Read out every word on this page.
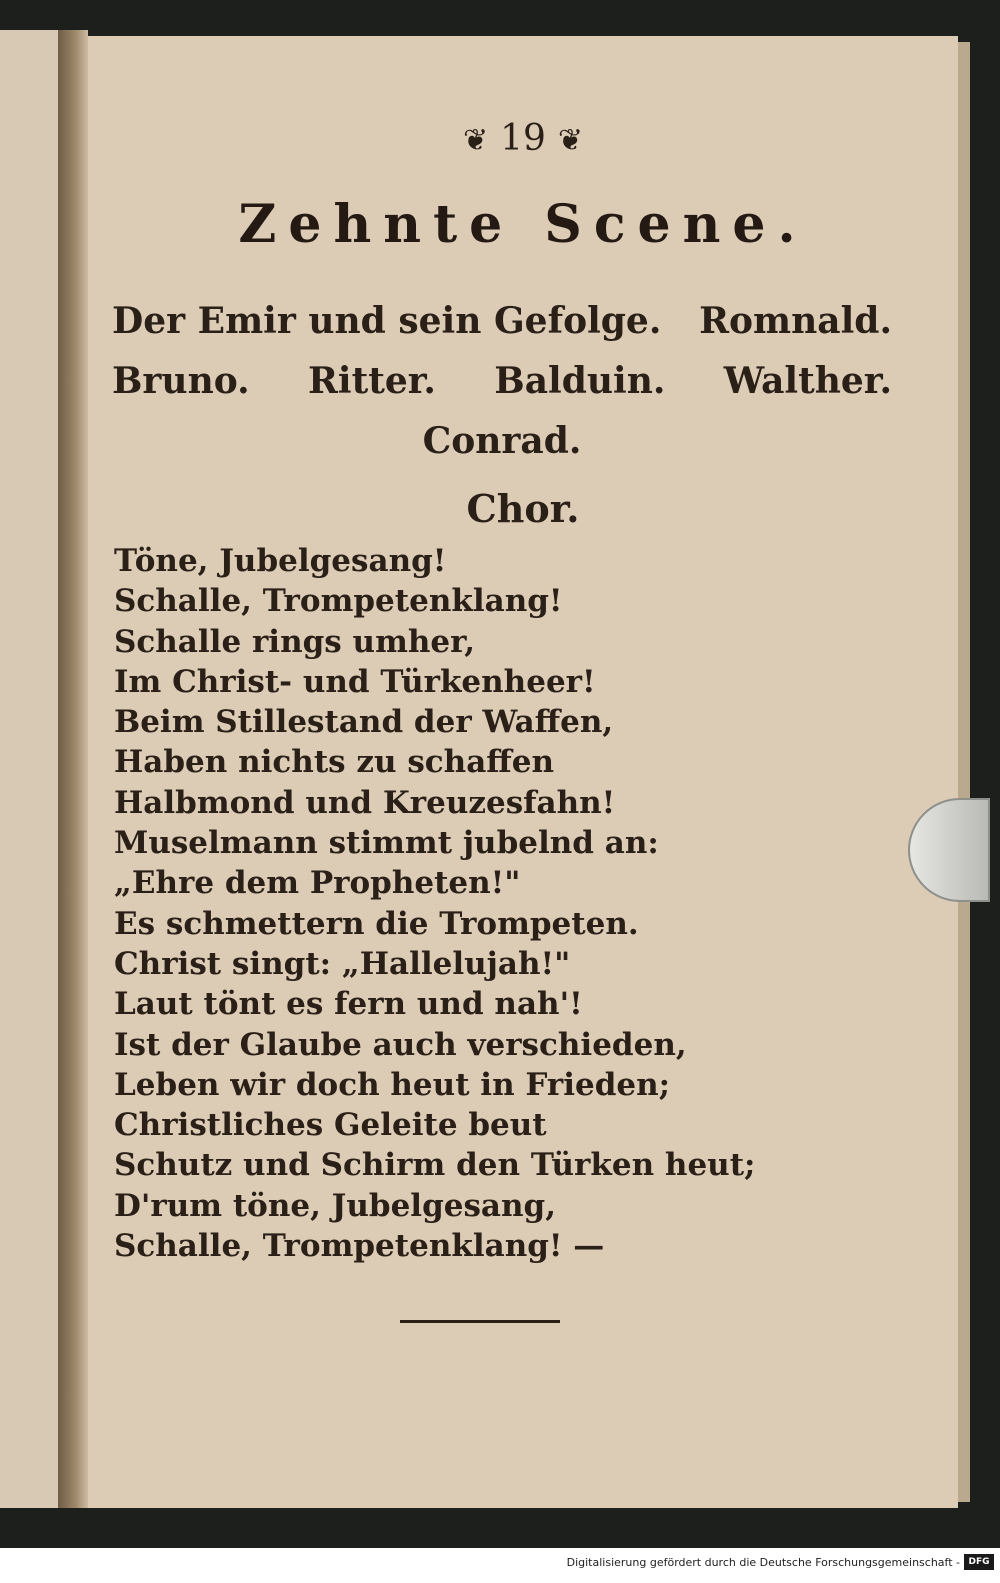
❦ 19 ❦
Zehnte Scene.
Der Emir und sein Gefolge. Romnald.
Bruno. Ritter. Balduin. Walther.
Conrad.
Chor.
Töne, Jubelgesang!
Schalle, Trompetenklang!
Schalle rings umher,
Im Christ- und Türkenheer!
Beim Stillestand der Waffen,
Haben nichts zu schaffen
Halbmond und Kreuzesfahn!
Muselmann stimmt jubelnd an:
„Ehre dem Propheten!"
Es schmettern die Trompeten.
Christ singt: „Hallelujah!"
Laut tönt es fern und nah'!
Ist der Glaube auch verschieden,
Leben wir doch heut in Frieden;
Christliches Geleite beut
Schutz und Schirm den Türken heut;
D'rum töne, Jubelgesang,
Schalle, Trompetenklang! —
Digitalisierung gefördert durch die Deutsche Forschungsgemeinschaft - DFG
